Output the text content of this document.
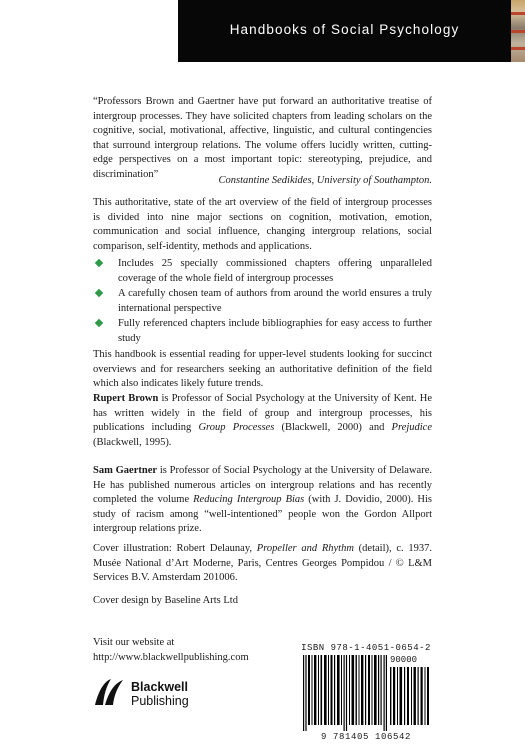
Handbooks of Social Psychology
“Professors Brown and Gaertner have put forward an authoritative treatise of intergroup processes. They have solicited chapters from leading scholars on the cognitive, social, motivational, affective, linguistic, and cultural contingencies that surround intergroup relations. The volume offers lucidly written, cutting-edge perspectives on a most important topic: stereotyping, prejudice, and discrimination”
Constantine Sedikides, University of Southampton.
This authoritative, state of the art overview of the field of intergroup processes is divided into nine major sections on cognition, motivation, emotion, communication and social influence, changing intergroup relations, social comparison, self-identity, methods and applications.
Includes 25 specially commissioned chapters offering unparalleled coverage of the whole field of intergroup processes
A carefully chosen team of authors from around the world ensures a truly international perspective
Fully referenced chapters include bibliographies for easy access to further study
This handbook is essential reading for upper-level students looking for succinct overviews and for researchers seeking an authoritative definition of the field which also indicates likely future trends.
Rupert Brown is Professor of Social Psychology at the University of Kent. He has written widely in the field of group and intergroup processes, his publications including Group Processes (Blackwell, 2000) and Prejudice (Blackwell, 1995).
Sam Gaertner is Professor of Social Psychology at the University of Delaware. He has published numerous articles on intergroup relations and has recently completed the volume Reducing Intergroup Bias (with J. Dovidio, 2000). His study of racism among “well-intentioned” people won the Gordon Allport intergroup relations prize.
Cover illustration: Robert Delaunay, Propeller and Rhythm (detail), c. 1937. Musée National d’Art Moderne, Paris, Centres Georges Pompidou / © L&M Services B.V. Amsterdam 201006.
Cover design by Baseline Arts Ltd
Visit our website at
http://www.blackwellpublishing.com
Blackwell
Publishing
ISBN 978-1-4051-0654-2
90000
9 781405 106542
